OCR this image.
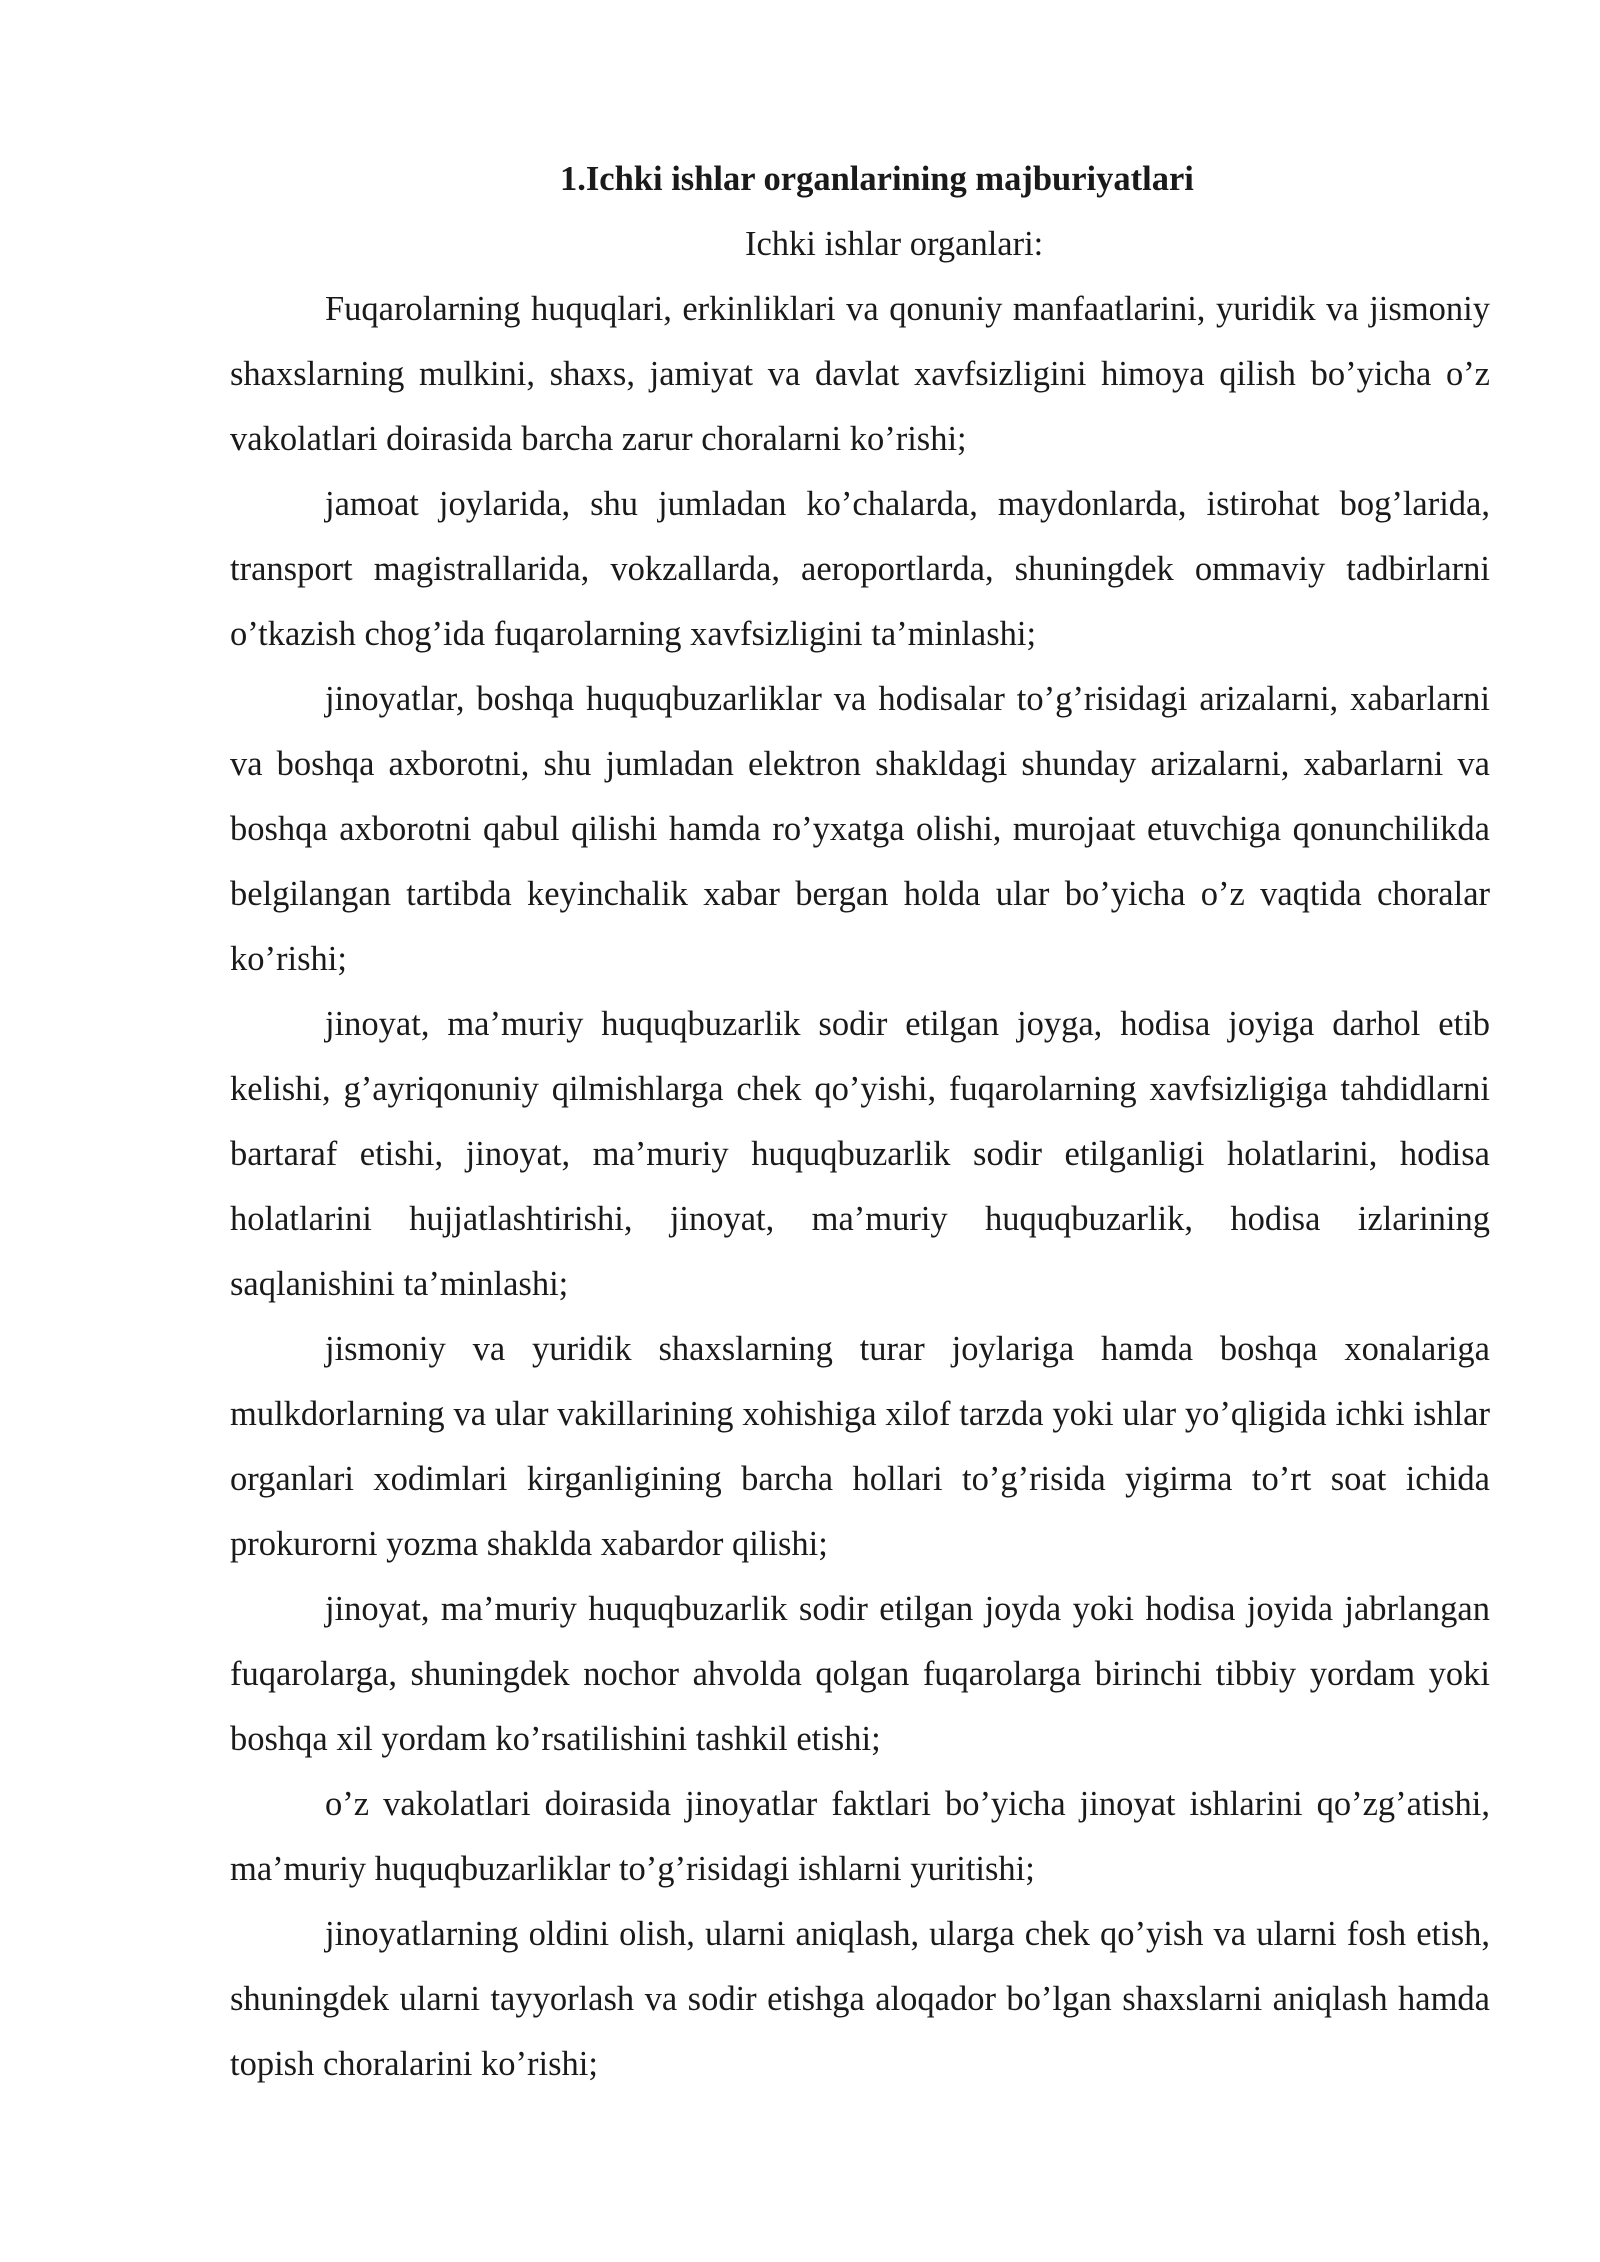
1.Ichki ishlar organlarining majburiyatlari
Ichki ishlar organlari:

Fuqarolarning huquqlari, erkinliklari va qonuniy manfaatlarini, yuridik va jismoniy shaxslarning mulkini, shaxs, jamiyat va davlat xavfsizligini himoya qilish bo’yicha o’z vakolatlari doirasida barcha zarur choralarni ko’rishi;

jamoat joylarida, shu jumladan ko’chalarda, maydonlarda, istirohat bog’larida, transport magistrallarida, vokzallarda, aeroportlarda, shuningdek ommaviy tadbirlarni o’tkazish chog’ida fuqarolarning xavfsizligini ta’minlashi;

jinoyatlar, boshqa huquqbuzarliklar va hodisalar to’g’risidagi arizalarni, xabarlarni va boshqa axborotni, shu jumladan elektron shakldagi shunday arizalarni, xabarlarni va boshqa axborotni qabul qilishi hamda ro’yxatga olishi, murojaat etuvchiga qonunchilikda belgilangan tartibda keyinchalik xabar bergan holda ular bo’yicha o’z vaqtida choralar ko’rishi;

jinoyat, ma’muriy huquqbuzarlik sodir etilgan joyga, hodisa joyiga darhol etib kelishi, g’ayriqonuniy qilmishlarga chek qo’yishi, fuqarolarning xavfsizligiga tahdidlarni bartaraf etishi, jinoyat, ma’muriy huquqbuzarlik sodir etilganligi holatlarini, hodisa holatlarini hujjatlashtirishi, jinoyat, ma’muriy huquqbuzarlik, hodisa izlarining saqlanishini ta’minlashi;

jismoniy va yuridik shaxslarning turar joylariga hamda boshqa xonalariga mulkdorlarning va ular vakillarining xohishiga xilof tarzda yoki ular yo’qligida ichki ishlar organlari xodimlari kirganligining barcha hollari to’g’risida yigirma to’rt soat ichida prokurorni yozma shaklda xabardor qilishi;

jinoyat, ma’muriy huquqbuzarlik sodir etilgan joyda yoki hodisa joyida jabrlangan fuqarolarga, shuningdek nochor ahvolda qolgan fuqarolarga birinchi tibbiy yordam yoki boshqa xil yordam ko’rsatilishini tashkil etishi;

o’z vakolatlari doirasida jinoyatlar faktlari bo’yicha jinoyat ishlarini qo’zg’atishi, ma’muriy huquqbuzarliklar to’g’risidagi ishlarni yuritishi;

jinoyatlarning oldini olish, ularni aniqlash, ularga chek qo’yish va ularni fosh etish, shuningdek ularni tayyorlash va sodir etishga aloqador bo’lgan shaxslarni aniqlash hamda topish choralarini ko’rishi;
